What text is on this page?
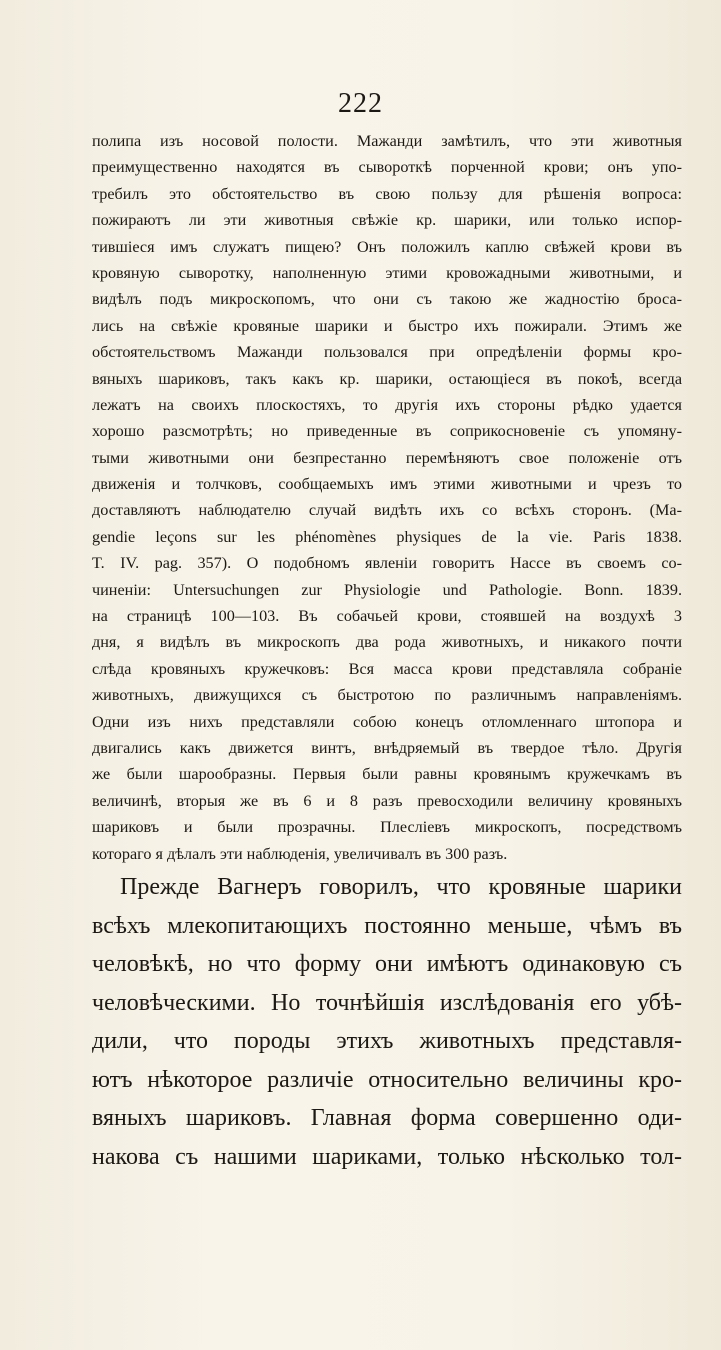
222
полипа изъ носовой полости. Мажанди замѣтилъ, что эти животныя
преимущественно находятся въ сывороткѣ порченной крови; онъ упо-
требилъ это обстоятельство въ свою пользу для рѣшенія вопроса:
пожираютъ ли эти животныя свѣжіе кр. шарики, или только испор-
тившіеся имъ служатъ пищею? Онъ положилъ каплю свѣжей крови въ
кровяную сыворотку, наполненную этими кровожадными животными, и
видѣлъ подъ микроскопомъ, что они съ такою же жадностію броса-
лись на свѣжіе кровяные шарики и быстро ихъ пожирали. Этимъ же
обстоятельствомъ Мажанди пользовался при опредѣленіи формы кро-
вяныхъ шариковъ, такъ какъ кр. шарики, остающіеся въ покоѣ, всегда
лежатъ на своихъ плоскостяхъ, то другія ихъ стороны рѣдко удается
хорошо разсмотрѣть; но приведенные въ соприкосновеніе съ упомяну-
тыми животными они безпрестанно перемѣняютъ свое положеніе отъ
движенія и толчковъ, сообщаемыхъ имъ этими животными и чрезъ то
доставляютъ наблюдателю случай видѣть ихъ со всѣхъ сторонъ. (Ma-
gendie leçons sur les phénomènes physiques de la vie. Paris 1838.
T. IV. pag. 357). О подобномъ явленіи говоритъ Нассе въ своемъ со-
чиненіи: Untersuchungen zur Physiologie und Pathologie. Bonn. 1839.
на страницѣ 100—103. Въ собачьей крови, стоявшей на воздухѣ 3
дня, я видѣлъ въ микроскопъ два рода животныхъ, и никакого почти
слѣда кровяныхъ кружечковъ: Вся масса крови представляла собраніе
животныхъ, движущихся съ быстротою по различнымъ направленіямъ.
Одни изъ нихъ представляли собою конецъ отломленнаго штопора и
двигались какъ движется винтъ, внѣдряемый въ твердое тѣло. Другія
же были шарообразны. Первыя были равны кровянымъ кружечкамъ въ
величинѣ, вторыя же въ 6 и 8 разъ превосходили величину кровяныхъ
шариковъ и были прозрачны. Плесліевъ микроскопъ, посредствомъ
котораго я дѣлалъ эти наблюденія, увеличивалъ въ 300 разъ.
Прежде Вагнеръ говорилъ, что кровяные шарики
всѣхъ млекопитающихъ постоянно меньше, чѣмъ въ
человѣкѣ, но что форму они имѣютъ одинаковую съ
человѣческими. Но точнѣйшія изслѣдованія его убѣ-
дили, что породы этихъ животныхъ представля-
ютъ нѣкоторое различіе относительно величины кро-
вяныхъ шариковъ. Главная форма совершенно оди-
накова съ нашими шариками, только нѣсколько тол-
